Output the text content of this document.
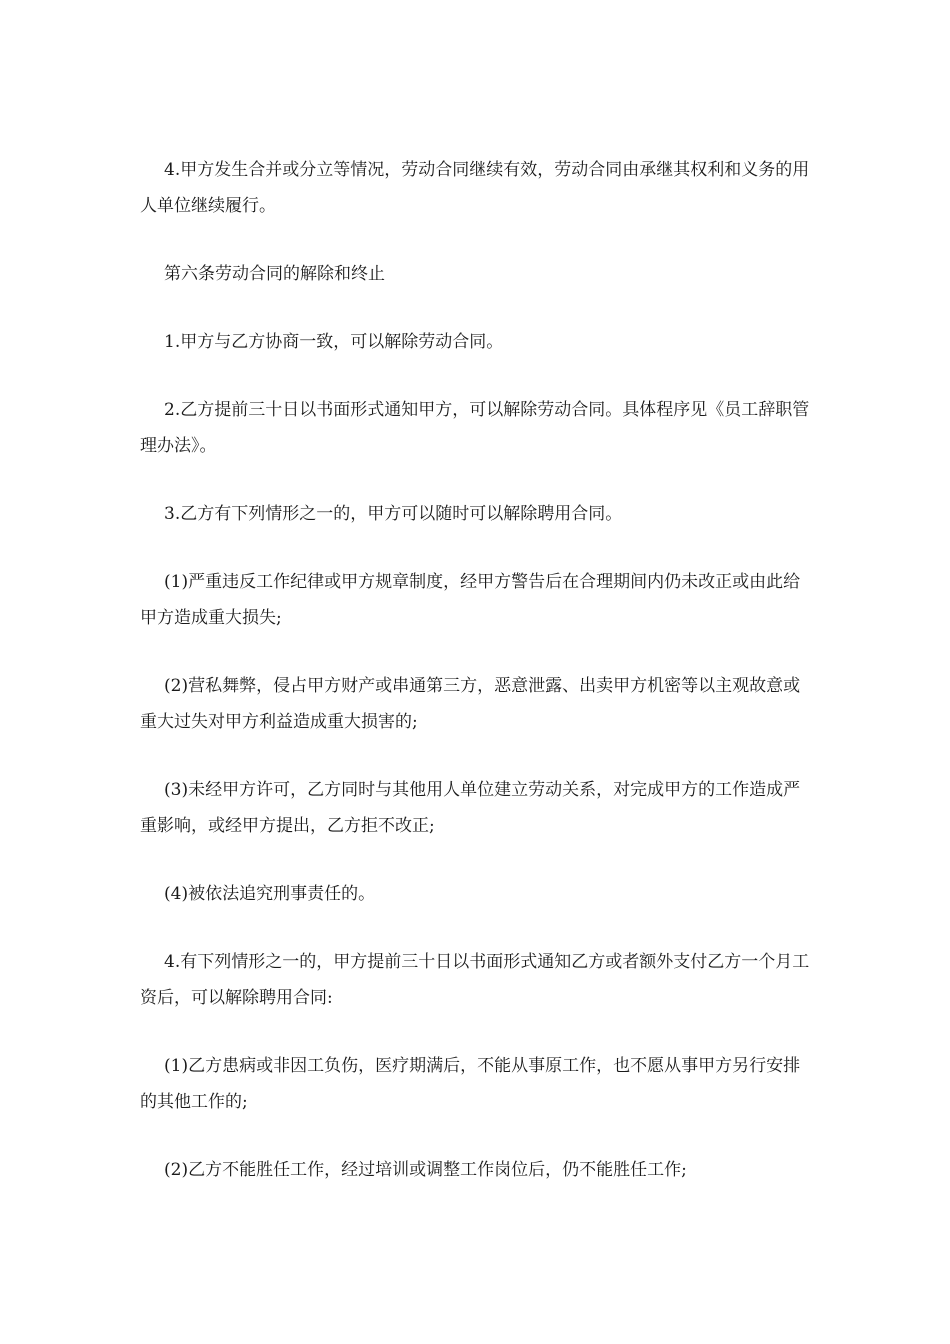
4.甲方发生合并或分立等情况，劳动合同继续有效，劳动合同由承继其权利和义务的用人单位继续履行。

第六条劳动合同的解除和终止

1.甲方与乙方协商一致，可以解除劳动合同。

2.乙方提前三十日以书面形式通知甲方，可以解除劳动合同。具体程序见《员工辞职管理办法》。

3.乙方有下列情形之一的，甲方可以随时可以解除聘用合同。

(1)严重违反工作纪律或甲方规章制度，经甲方警告后在合理期间内仍未改正或由此给甲方造成重大损失;

(2)营私舞弊，侵占甲方财产或串通第三方，恶意泄露、出卖甲方机密等以主观故意或重大过失对甲方利益造成重大损害的;

(3)未经甲方许可，乙方同时与其他用人单位建立劳动关系，对完成甲方的工作造成严重影响，或经甲方提出，乙方拒不改正;

(4)被依法追究刑事责任的。

4.有下列情形之一的，甲方提前三十日以书面形式通知乙方或者额外支付乙方一个月工资后，可以解除聘用合同:

(1)乙方患病或非因工负伤，医疗期满后，不能从事原工作，也不愿从事甲方另行安排的其他工作的;

(2)乙方不能胜任工作，经过培训或调整工作岗位后，仍不能胜任工作;
